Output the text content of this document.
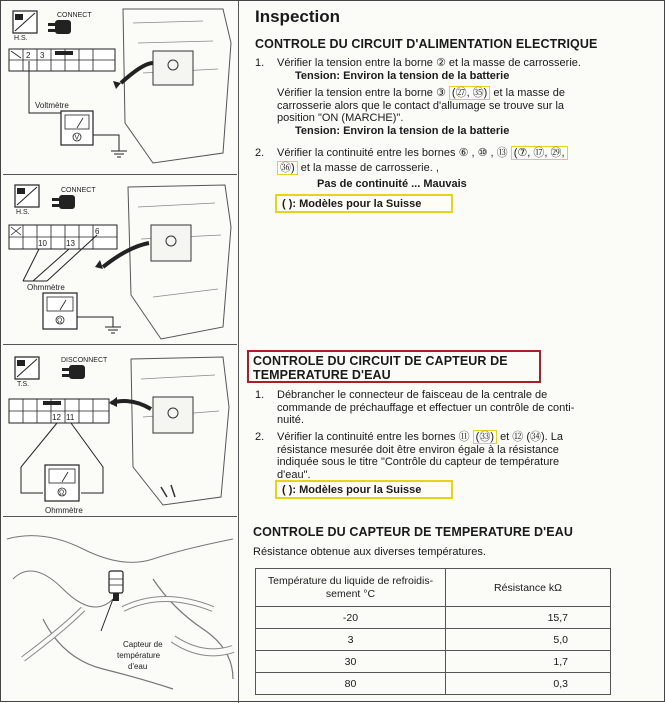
H.S.
CONNECT
2 3
Voltmètre
V
H.S.
CONNECT
10 13
6
Ohmmètre
Ω
T.S.
DISCONNECT
12 11
Ω
Ohmmètre
Capteur de
température
d'eau
Inspection
CONTROLE DU CIRCUIT D'ALIMENTATION ELECTRIQUE
1. Vérifier la tension entre la borne ② et la masse de carrosserie.
Tension: Environ la tension de la batterie
Vérifier la tension entre la borne ③ (㉗, ㉟) et la masse de
carrosserie alors que le contact d'allumage se trouve sur la
position "ON (MARCHE)".
Tension: Environ la tension de la batterie
2. Vérifier la continuité entre les bornes ⑥ , ⑩ , ⑬ (⑦, ⑰, ㉙,
㊱) et la masse de carrosserie. ,
Pas de continuité ... Mauvais
( ): Modèles pour la Suisse
CONTROLE DU CIRCUIT DE CAPTEUR DE
TEMPERATURE D'EAU
1. Débrancher le connecteur de faisceau de la centrale de
commande de préchauffage et effectuer un contrôle de conti-
nuité.
2. Vérifier la continuité entre les bornes ⑪ (㉝) et ⑫ (㉞). La
résistance mesurée doit être environ égale à la résistance
indiquée sous le titre "Contrôle du capteur de température
d'eau".
( ): Modèles pour la Suisse
CONTROLE DU CAPTEUR DE TEMPERATURE D'EAU
Résistance obtenue aux diverses températures.
Température du liquide de refroidis-
sement °C	Résistance kΩ
-20	15,7
3	5,0
30	1,7
80	0,3
